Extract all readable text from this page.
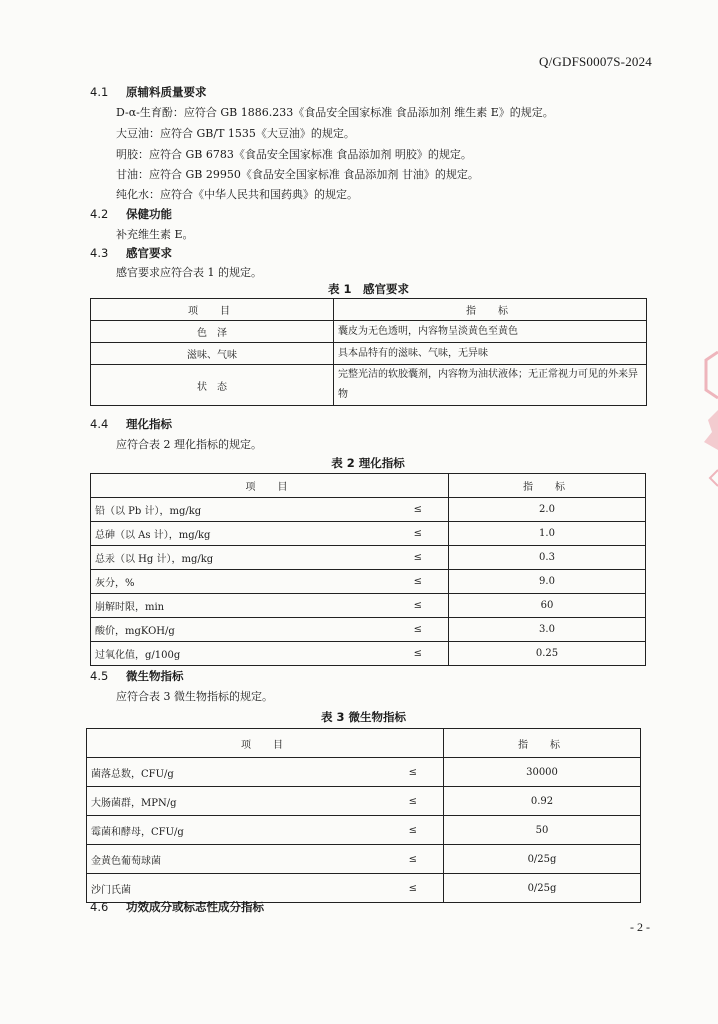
Q/GDFS0007S-2024
4.1 原辅料质量要求
D-α-生育酚：应符合 GB 1886.233《食品安全国家标准 食品添加剂 维生素 E》的规定。
大豆油：应符合 GB/T 1535《大豆油》的规定。
明胶：应符合 GB 6783《食品安全国家标准 食品添加剂 明胶》的规定。
甘油：应符合 GB 29950《食品安全国家标准 食品添加剂 甘油》的规定。
纯化水：应符合《中华人民共和国药典》的规定。
4.2 保健功能
补充维生素 E。
4.3 感官要求
感官要求应符合表 1 的规定。
表 1　感官要求
项　目	指　标
色　泽	囊皮为无色透明，内容物呈淡黄色至黄色
滋味、气味	具本品特有的滋味、气味，无异味
状　态	完整光洁的软胶囊剂，内容物为油状液体；无正常视力可见的外来异物
4.4 理化指标
应符合表 2 理化指标的规定。
表 2 理化指标
项　目		指　标
铅（以 Pb 计），mg/kg	≤	2.0
总砷（以 As 计），mg/kg	≤	1.0
总汞（以 Hg 计），mg/kg	≤	0.3
灰分，%	≤	9.0
崩解时限，min	≤	60
酸价，mgKOH/g	≤	3.0
过氧化值，g/100g	≤	0.25
4.5 微生物指标
应符合表 3 微生物指标的规定。
表 3 微生物指标
项　目		指　标
菌落总数，CFU/g	≤	30000
大肠菌群，MPN/g	≤	0.92
霉菌和酵母，CFU/g	≤	50
金黄色葡萄球菌	≤	0/25g
沙门氏菌	≤	0/25g
4.6 功效成分或标志性成分指标
- 2 -
